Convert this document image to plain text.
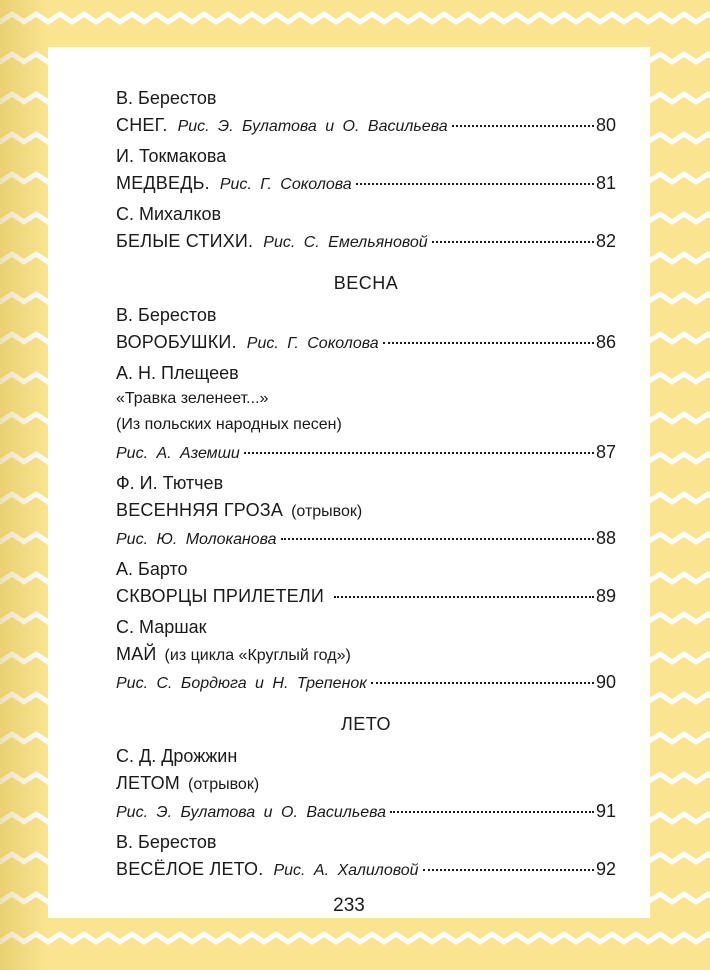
В. Берестов
СНЕГ. Рис. Э. Булатова и О. Васильева	80
И. Токмакова
МЕДВЕДЬ. Рис. Г. Соколова	81
С. Михалков
БЕЛЫЕ СТИХИ. Рис. С. Емельяновой	82
ВЕСНА
В. Берестов
ВОРОБУШКИ. Рис. Г. Соколова	86
А. Н. Плещеев
«Травка зеленеет...»
(Из польских народных песен)
Рис. А. Аземши	87
Ф. И. Тютчев
ВЕСЕННЯЯ ГРОЗА (отрывок)
Рис. Ю. Молоканова	88
А. Барто
СКВОРЦЫ ПРИЛЕТЕЛИ	89
С. Маршак
МАЙ (из цикла «Круглый год»)
Рис. С. Бордюга и Н. Трепенок	90
ЛЕТО
С. Д. Дрожжин
ЛЕТОМ (отрывок)
Рис. Э. Булатова и О. Васильева	91
В. Берестов
ВЕСЁЛОЕ ЛЕТО. Рис. А. Халиловой	92
233
